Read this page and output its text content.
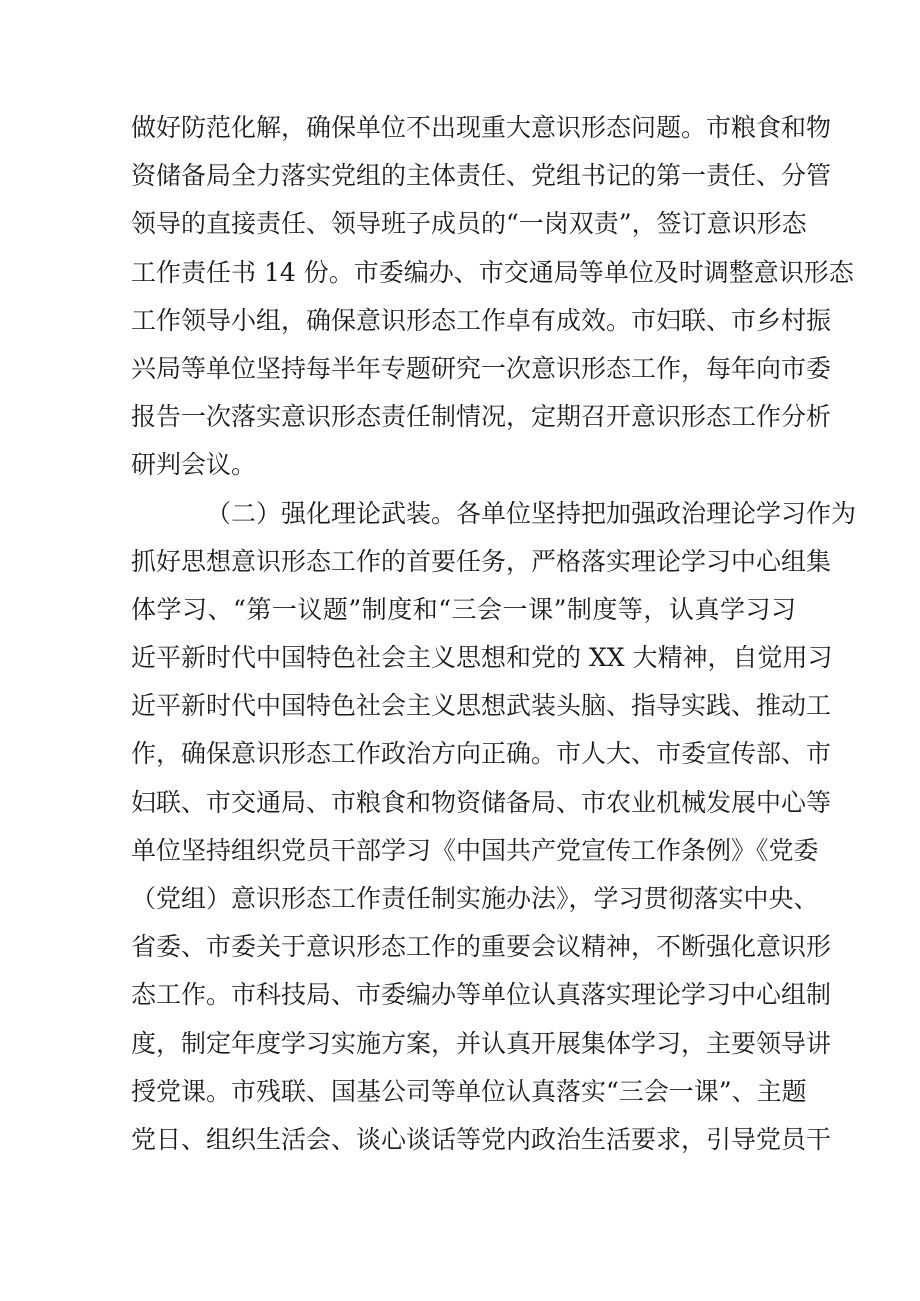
做好防范化解，确保单位不出现重大意识形态问题。市粮食和物
资储备局全力落实党组的主体责任、党组书记的第一责任、分管
领导的直接责任、领导班子成员的“一岗双责”，签订意识形态
工作责任书 14 份。市委编办、市交通局等单位及时调整意识形态
工作领导小组，确保意识形态工作卓有成效。市妇联、市乡村振
兴局等单位坚持每半年专题研究一次意识形态工作，每年向市委
报告一次落实意识形态责任制情况，定期召开意识形态工作分析
研判会议。
（二）强化理论武装。各单位坚持把加强政治理论学习作为
抓好思想意识形态工作的首要任务，严格落实理论学习中心组集
体学习、“第一议题”制度和“三会一课”制度等，认真学习习
近平新时代中国特色社会主义思想和党的 XX 大精神，自觉用习
近平新时代中国特色社会主义思想武装头脑、指导实践、推动工
作，确保意识形态工作政治方向正确。市人大、市委宣传部、市
妇联、市交通局、市粮食和物资储备局、市农业机械发展中心等
单位坚持组织党员干部学习《中国共产党宣传工作条例》《党委
（党组）意识形态工作责任制实施办法》，学习贯彻落实中央、
省委、市委关于意识形态工作的重要会议精神，不断强化意识形
态工作。市科技局、市委编办等单位认真落实理论学习中心组制
度，制定年度学习实施方案，并认真开展集体学习，主要领导讲
授党课。市残联、国基公司等单位认真落实“三会一课”、主题
党日、组织生活会、谈心谈话等党内政治生活要求，引导党员干
